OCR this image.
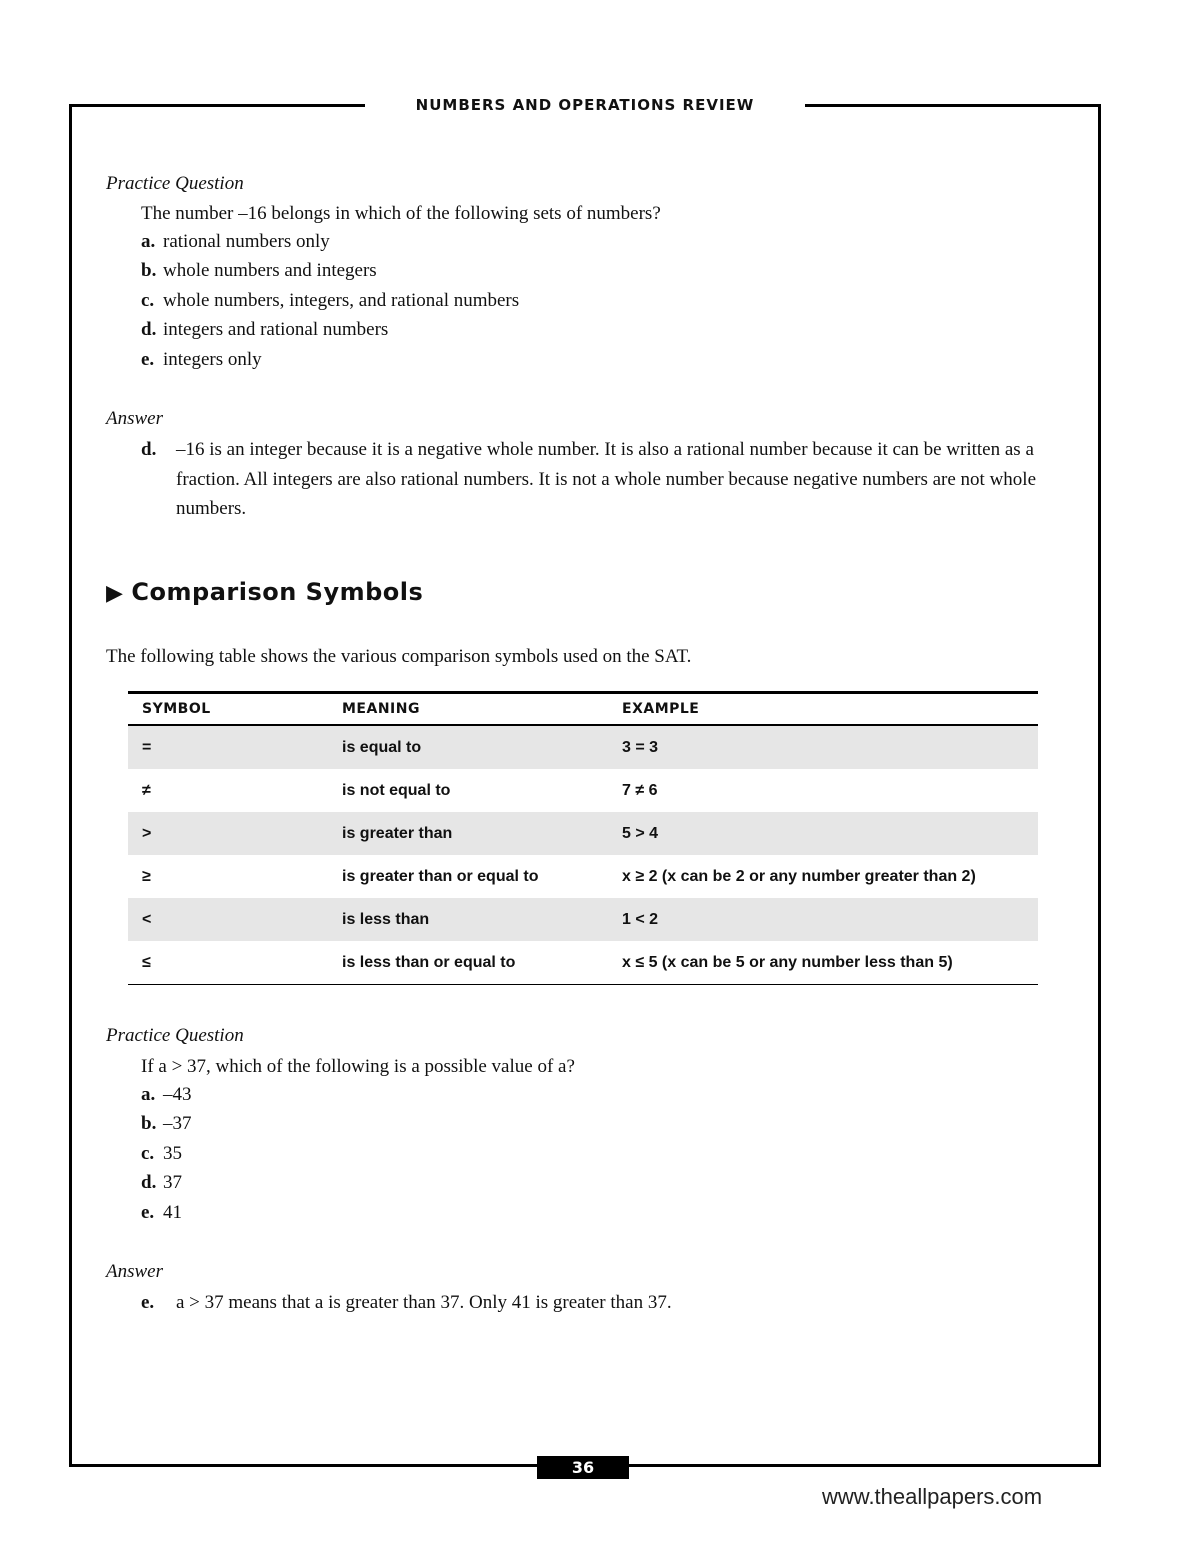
NUMBERS AND OPERATIONS REVIEW
Practice Question
The number –16 belongs in which of the following sets of numbers?
a. rational numbers only
b. whole numbers and integers
c. whole numbers, integers, and rational numbers
d. integers and rational numbers
e. integers only
Answer
d. –16 is an integer because it is a negative whole number. It is also a rational number because it can be written as a fraction. All integers are also rational numbers. It is not a whole number because negative numbers are not whole numbers.
▶ Comparison Symbols
The following table shows the various comparison symbols used on the SAT.
SYMBOL	MEANING	EXAMPLE
=	is equal to	3 = 3
≠	is not equal to	7 ≠ 6
>	is greater than	5 > 4
≥	is greater than or equal to	x ≥ 2 (x can be 2 or any number greater than 2)
<	is less than	1 < 2
≤	is less than or equal to	x ≤ 5 (x can be 5 or any number less than 5)
Practice Question
If a > 37, which of the following is a possible value of a?
a. –43
b. –37
c. 35
d. 37
e. 41
Answer
e. a > 37 means that a is greater than 37. Only 41 is greater than 37.
36
www.theallpapers.com
